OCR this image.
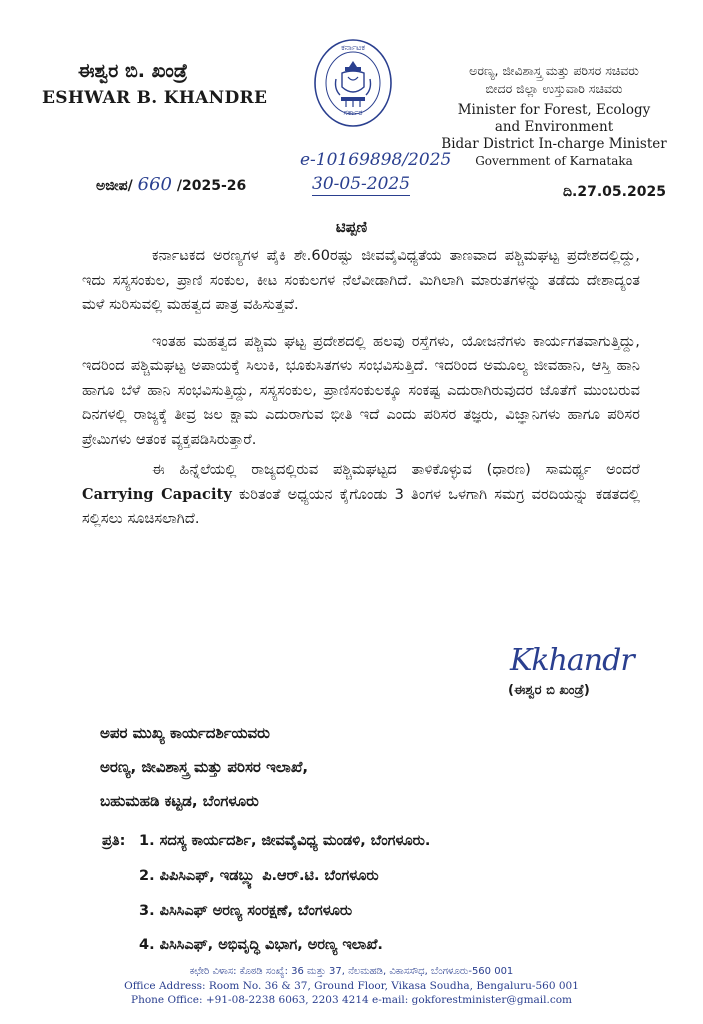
ಈಶ್ವರ ಬಿ. ಖಂಡ್ರೆ
ESHWAR B. KHANDRE
ಕರ್ನಾಟಕ
ಸರ್ಕಾರ
ಅರಣ್ಯ, ಜೀವಿಶಾಸ್ತ್ರ ಮತ್ತು ಪರಿಸರ ಸಚಿವರು
ಬೀದರ ಜಿಲ್ಲಾ ಉಸ್ತುವಾರಿ ಸಚಿವರು
Minister for Forest, Ecology
and Environment
Bidar District In-charge Minister
Government of Karnataka
ಅಜೀಪ/ 660 /2025-26
e-10169898/2025
30-05-2025	ದಿ.27.05.2025
ಟಿಪ್ಪಣಿ

ಕರ್ನಾಟಕದ ಅರಣ್ಯಗಳ ಪೈಕಿ ಶೇ.60ರಷ್ಟು ಜೀವವೈವಿಧ್ಯತೆಯ ತಾಣವಾದ ಪಶ್ಚಿಮಘಟ್ಟ ಪ್ರದೇಶದಲ್ಲಿದ್ದು, ಇದು ಸಸ್ಯಸಂಕುಲ, ಪ್ರಾಣಿ ಸಂಕುಲ, ಕೀಟ ಸಂಕುಲಗಳ ನೆಲೆವೀಡಾಗಿದೆ. ಮಿಗಿಲಾಗಿ ಮಾರುತಗಳನ್ನು ತಡೆದು ದೇಶಾದ್ಯಂತ ಮಳೆ ಸುರಿಸುವಲ್ಲಿ ಮಹತ್ವದ ಪಾತ್ರ ವಹಿಸುತ್ತವೆ.

ಇಂತಹ ಮಹತ್ವದ ಪಶ್ಚಿಮ ಘಟ್ಟ ಪ್ರದೇಶದಲ್ಲಿ ಹಲವು ರಸ್ತೆಗಳು, ಯೋಜನೆಗಳು ಕಾರ್ಯಗತವಾಗುತ್ತಿದ್ದು, ಇದರಿಂದ ಪಶ್ಚಿಮಘಟ್ಟ ಅಪಾಯಕ್ಕೆ ಸಿಲುಕಿ, ಭೂಕುಸಿತಗಳು ಸಂಭವಿಸುತ್ತಿದೆ. ಇದರಿಂದ ಅಮೂಲ್ಯ ಜೀವಹಾನಿ, ಆಸ್ತಿ ಹಾನಿ ಹಾಗೂ ಬೆಳೆ ಹಾನಿ ಸಂಭವಿಸುತ್ತಿದ್ದು, ಸಸ್ಯಸಂಕುಲ, ಪ್ರಾಣಿಸಂಕುಲಕ್ಕೂ ಸಂಕಷ್ಟ ಎದುರಾಗಿರುವುದರ ಜೊತೆಗೆ ಮುಂಬರುವ ದಿನಗಳಲ್ಲಿ ರಾಜ್ಯಕ್ಕೆ ತೀವ್ರ ಜಲ ಕ್ಷಾಮ ಎದುರಾಗುವ ಭೀತಿ ಇದೆ ಎಂದು ಪರಿಸರ ತಜ್ಞರು, ವಿಜ್ಞಾನಿಗಳು ಹಾಗೂ ಪರಿಸರ ಪ್ರೇಮಿಗಳು ಆತಂಕ ವ್ಯಕ್ತಪಡಿಸಿರುತ್ತಾರೆ.

ಈ ಹಿನ್ನೆಲೆಯಲ್ಲಿ ರಾಜ್ಯದಲ್ಲಿರುವ ಪಶ್ಚಿಮಘಟ್ಟದ ತಾಳಿಕೊಳ್ಳುವ (ಧಾರಣ) ಸಾಮರ್ಥ್ಯ ಅಂದರೆ Carrying Capacity ಕುರಿತಂತೆ ಅಧ್ಯಯನ ಕೈಗೊಂಡು 3 ತಿಂಗಳ ಒಳಗಾಗಿ ಸಮಗ್ರ ವರದಿಯನ್ನು ಕಡತದಲ್ಲಿ ಸಲ್ಲಿಸಲು ಸೂಚಿಸಲಾಗಿದೆ.

Kkhandr
(ಈಶ್ವರ ಬಿ ಖಂಡ್ರೆ)
ಅಪರ ಮುಖ್ಯ ಕಾರ್ಯದರ್ಶಿಯವರು
ಅರಣ್ಯ, ಜೀವಿಶಾಸ್ತ್ರ ಮತ್ತು ಪರಿಸರ ಇಲಾಖೆ,
ಬಹುಮಹಡಿ ಕಟ್ಟಡ, ಬೆಂಗಳೂರು
ಪ್ರತಿ: 1. ಸದಸ್ಯ ಕಾರ್ಯದರ್ಶಿ, ಜೀವವೈವಿಧ್ಯ ಮಂಡಳಿ, ಬೆಂಗಳೂರು.
2. ಪಿಪಿಸಿಎಫ್, ಇಡಬ್ಲ್ಯು ಪಿ.ಆರ್.ಟಿ. ಬೆಂಗಳೂರು
3. ಪಿಸಿಸಿಎಫ್ ಅರಣ್ಯ ಸಂರಕ್ಷಣೆ, ಬೆಂಗಳೂರು
4. ಪಿಸಿಸಿಎಫ್, ಅಭಿವೃದ್ಧಿ ವಿಭಾಗ, ಅರಣ್ಯ ಇಲಾಖೆ.
ಕಛೇರಿ ವಿಳಾಸ: ಕೊಠಡಿ ಸಂಖ್ಯೆ: 36 ಮತ್ತು 37, ನೆಲಮಹಡಿ, ವಿಕಾಸಸೌಧ, ಬೆಂಗಳೂರು-560 001
Office Address: Room No. 36 & 37, Ground Floor, Vikasa Soudha, Bengaluru-560 001
Phone Office: +91-08-2238 6063, 2203 4214 e-mail: gokforestminister@gmail.com
